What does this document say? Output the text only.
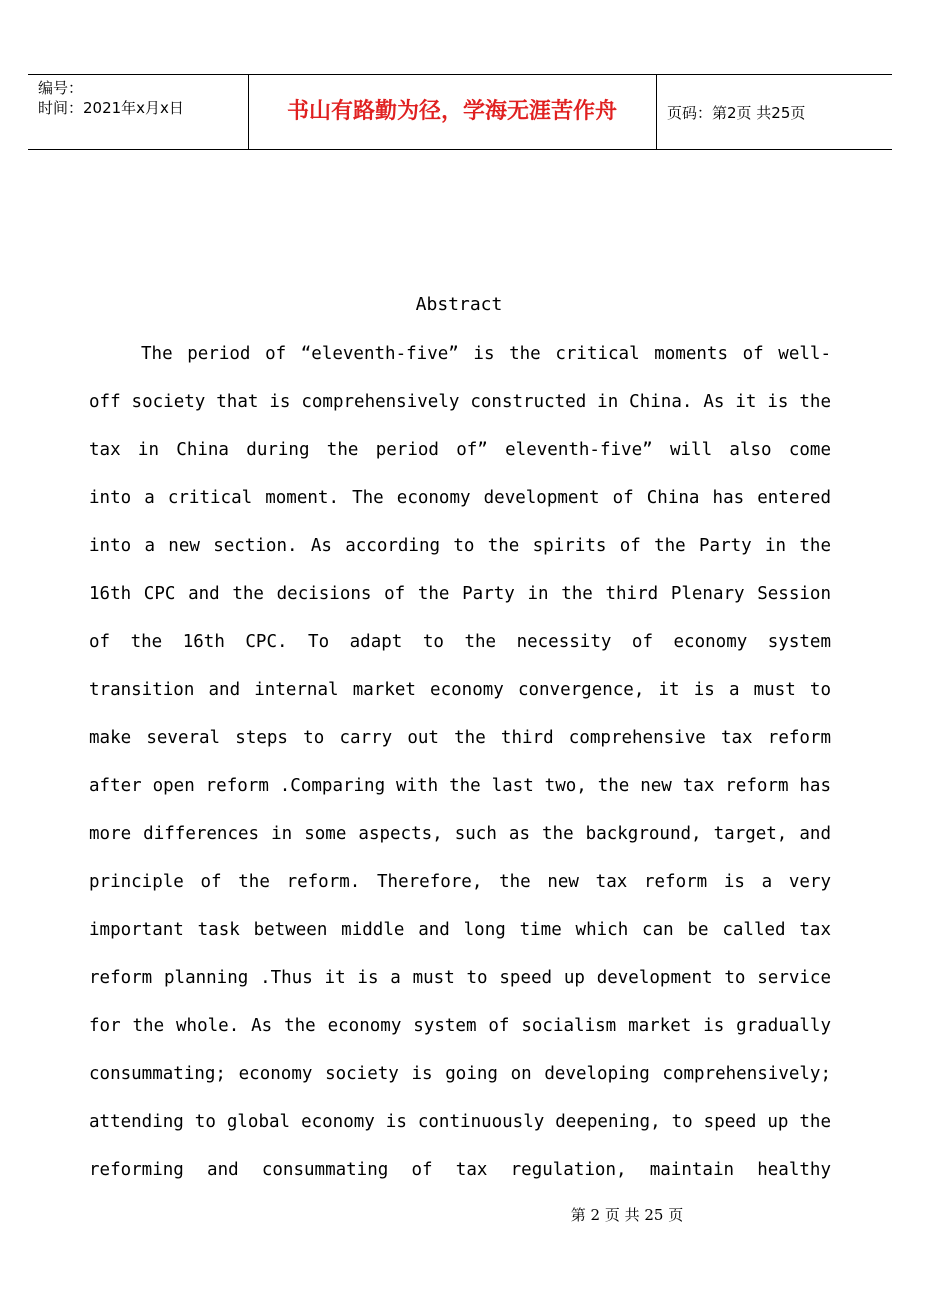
编号：
时间：2021年x月x日	书山有路勤为径，学海无涯苦作舟	页码：第2页 共25页
Abstract
The period of “eleventh-five” is the critical moments of well-
off society that is comprehensively constructed in China. As it is the
tax in China during the period of” eleventh-five” will also come
into a critical moment. The economy development of China has entered
into a new section. As according to the spirits of the Party in the
16th CPC and the decisions of the Party in the third Plenary Session
of the 16th CPC. To adapt to the necessity of economy system
transition and internal market economy convergence, it is a must to
make several steps to carry out the third comprehensive tax reform
after open reform .Comparing with the last two, the new tax reform has
more differences in some aspects, such as the background, target, and
principle of the reform. Therefore, the new tax reform is a very
important task between middle and long time which can be called tax
reform planning .Thus it is a must to speed up development to service
for the whole. As the economy system of socialism market is gradually
consummating; economy society is going on developing comprehensively;
attending to global economy is continuously deepening, to speed up the
reforming and consummating of tax regulation, maintain healthy
第 2 页 共 25 页
